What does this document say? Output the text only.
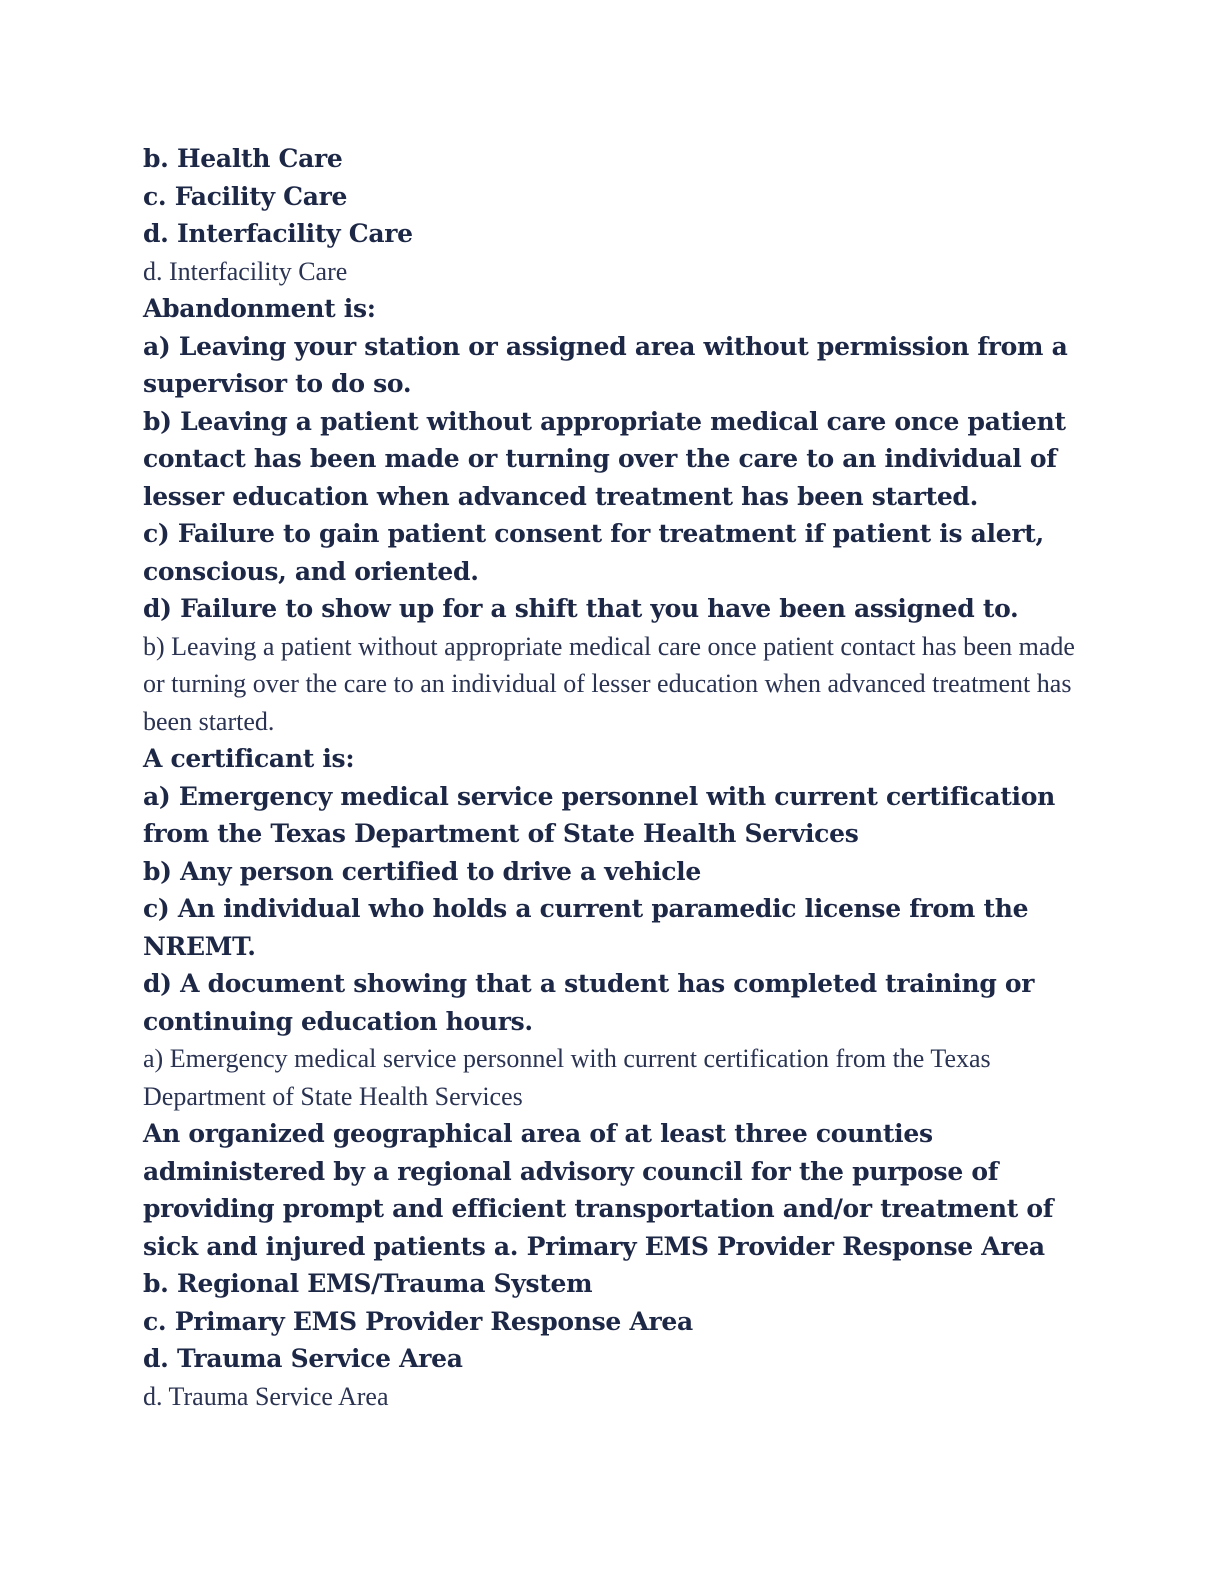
b. Health Care

c. Facility Care

d. Interfacility Care

d. Interfacility Care

Abandonment is:

a) Leaving your station or assigned area without permission from a supervisor to do so.

b) Leaving a patient without appropriate medical care once patient contact has been made or turning over the care to an individual of lesser education when advanced treatment has been started.

c) Failure to gain patient consent for treatment if patient is alert, conscious, and oriented.

d) Failure to show up for a shift that you have been assigned to.

b) Leaving a patient without appropriate medical care once patient contact has been made or turning over the care to an individual of lesser education when advanced treatment has been started.

A certificant is:

a) Emergency medical service personnel with current certification from the Texas Department of State Health Services

b) Any person certified to drive a vehicle

c) An individual who holds a current paramedic license from the NREMT.

d) A document showing that a student has completed training or continuing education hours.

a) Emergency medical service personnel with current certification from the Texas Department of State Health Services

An organized geographical area of at least three counties administered by a regional advisory council for the purpose of providing prompt and efficient transportation and/or treatment of sick and injured patients a. Primary EMS Provider Response Area

b. Regional EMS/Trauma System

c. Primary EMS Provider Response Area

d. Trauma Service Area

d. Trauma Service Area
